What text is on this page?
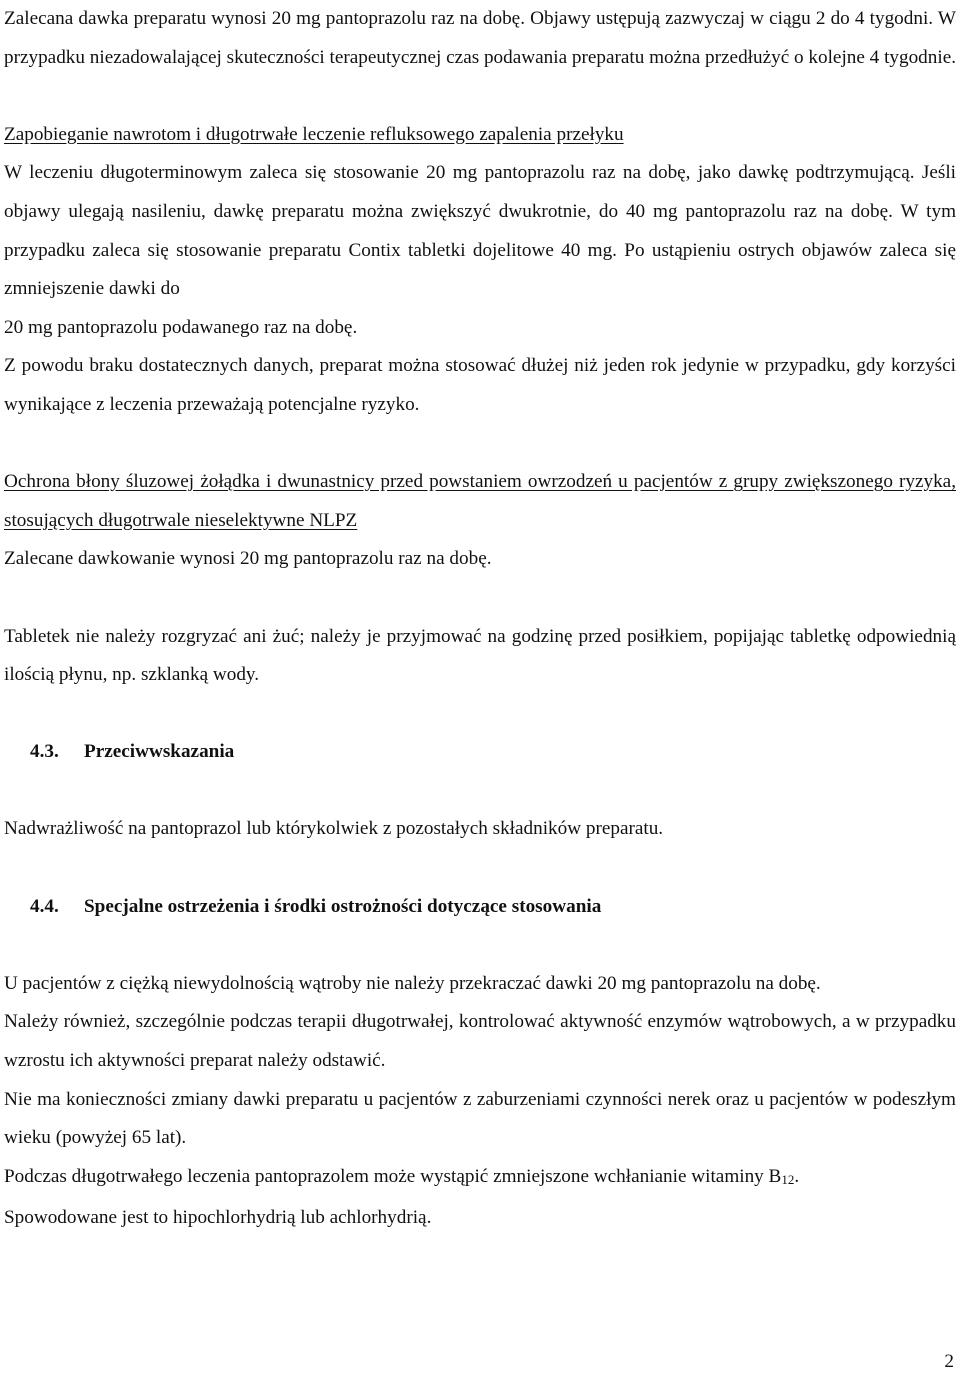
Zalecana dawka preparatu wynosi 20 mg pantoprazolu raz na dobę. Objawy ustępują zazwyczaj w ciągu 2 do 4 tygodni. W przypadku niezadowalającej skuteczności terapeutycznej czas podawania preparatu można przedłużyć o kolejne 4 tygodnie.

Zapobieganie nawrotom i długotrwałe leczenie refluksowego zapalenia przełyku

W leczeniu długoterminowym zaleca się stosowanie 20 mg pantoprazolu raz na dobę, jako dawkę podtrzymującą. Jeśli objawy ulegają nasileniu, dawkę preparatu można zwiększyć dwukrotnie, do 40 mg pantoprazolu raz na dobę. W tym przypadku zaleca się stosowanie preparatu Contix tabletki dojelitowe 40 mg. Po ustąpieniu ostrych objawów zaleca się zmniejszenie dawki do

20 mg pantoprazolu podawanego raz na dobę.

Z powodu braku dostatecznych danych, preparat można stosować dłużej niż jeden rok jedynie w przypadku, gdy korzyści wynikające z leczenia przeważają potencjalne ryzyko.

Ochrona błony śluzowej żołądka i dwunastnicy przed powstaniem owrzodzeń u pacjentów z grupy zwiększonego ryzyka, stosujących długotrwale nieselektywne NLPZ

Zalecane dawkowanie wynosi 20 mg pantoprazolu raz na dobę.

Tabletek nie należy rozgryzać ani żuć; należy je przyjmować na godzinę przed posiłkiem, popijając tabletkę odpowiednią ilością płynu, np. szklanką wody.

4.3. Przeciwwskazania

Nadwrażliwość na pantoprazol lub którykolwiek z pozostałych składników preparatu.

4.4. Specjalne ostrzeżenia i środki ostrożności dotyczące stosowania

U pacjentów z ciężką niewydolnością wątroby nie należy przekraczać dawki 20 mg pantoprazolu na dobę.

Należy również, szczególnie podczas terapii długotrwałej, kontrolować aktywność enzymów wątrobowych, a w przypadku wzrostu ich aktywności preparat należy odstawić.

Nie ma konieczności zmiany dawki preparatu u pacjentów z zaburzeniami czynności nerek oraz u pacjentów w podeszłym wieku (powyżej 65 lat).

Podczas długotrwałego leczenia pantoprazolem może wystąpić zmniejszone wchłanianie witaminy B12.

Spowodowane jest to hipochlorhydrią lub achlorhydrią.

2
